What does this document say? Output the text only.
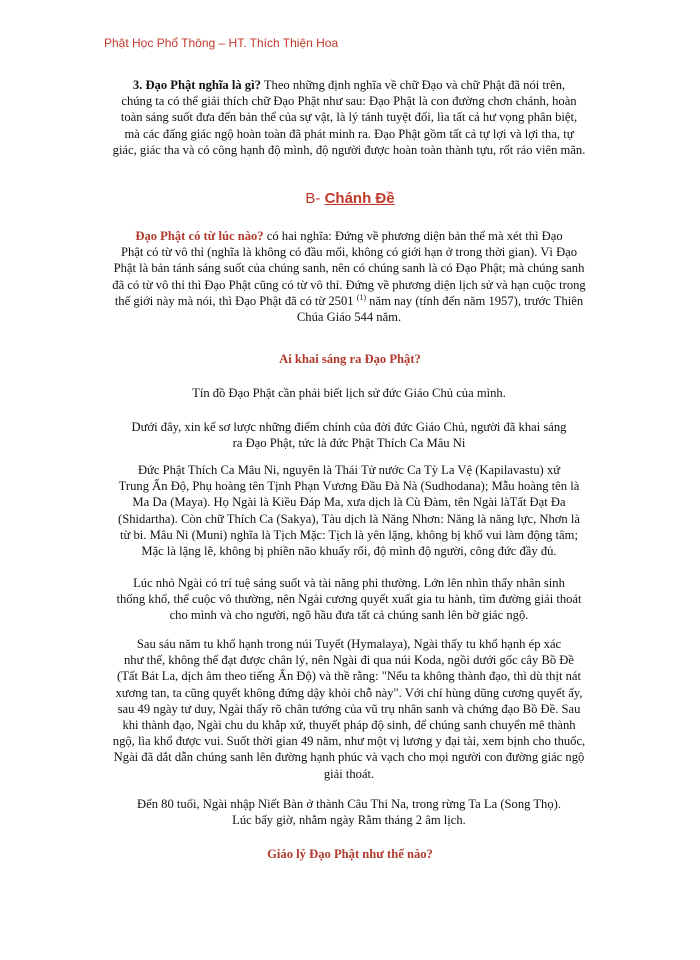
Phật Học Phổ Thông – HT. Thích Thiện Hoa
3. Đạo Phật nghĩa là gì? Theo những định nghĩa về chữ Đạo và chữ Phật đã nói trên,
chúng ta có thể giải thích chữ Đạo Phật như sau: Đạo Phật là con đường chơn chánh, hoàn
toàn sáng suốt đưa đến bản thể của sự vật, là lý tánh tuyệt đối, lìa tất cả hư vọng phân biệt,
mà các đấng giác ngộ hoàn toàn đã phát minh ra. Đạo Phật gồm tất cả tự lợi và lợi tha, tự
giác, giác tha và có công hạnh độ mình, độ người được hoàn toàn thành tựu, rốt ráo viên mãn.
B- Chánh Đề
Đạo Phật có từ lúc nào? có hai nghĩa: Đứng về phương diện bản thể mà xét thì Đạo
Phật có từ vô thỉ (nghĩa là không có đầu mối, không có giới hạn ở trong thời gian). Vì Đạo
Phật là bản tánh sáng suốt của chúng sanh, nên có chúng sanh là có Đạo Phật; mà chúng sanh
đã có từ vô thỉ thì Đạo Phật cũng có từ vô thỉ. Đứng về phương diện lịch sử và hạn cuộc trong
thế giới này mà nói, thì Đạo Phật đã có từ 2501 $^{(1)}$ năm nay (tính đến năm 1957), trước Thiên
Chúa Giáo 544 năm.
Ai khai sáng ra Đạo Phật?
Tín đồ Đạo Phật cần phải biết lịch sử đức Giáo Chủ của mình.
Dưới đây, xin kể sơ lược những điểm chính của đời đức Giáo Chủ, người đã khai sáng
ra Đạo Phật, tức là đức Phật Thích Ca Mâu Ni
Đức Phật Thích Ca Mâu Ni, nguyên là Thái Tử nước Ca Tỳ La Vệ (Kapilavastu) xứ
Trung Ấn Độ, Phụ hoàng tên Tịnh Phạn Vương Đầu Đà Nà (Sudhodana); Mẫu hoàng tên là
Ma Da (Maya). Họ Ngài là Kiều Đáp Ma, xưa dịch là Cù Đàm, tên Ngài làTất Đạt Đa
(Shidartha). Còn chữ Thích Ca (Sakya), Tàu dịch là Năng Nhơn: Năng là năng lực, Nhơn là
từ bi. Mâu Ni (Muni) nghĩa là Tịch Mặc: Tịch là yên lặng, không bị khổ vui làm động tâm;
Mặc là lặng lẽ, không bị phiền não khuấy rối, độ mình độ người, công đức đầy đủ.
Lúc nhỏ Ngài có trí tuệ sáng suốt và tài năng phi thường. Lớn lên nhìn thấy nhân sinh
thống khổ, thế cuộc vô thường, nên Ngài cương quyết xuất gia tu hành, tìm đường giải thoát
cho mình và cho người, ngõ hầu đưa tất cả chúng sanh lên bờ giác ngộ.
Sau sáu năm tu khổ hạnh trong núi Tuyết (Hymalaya), Ngài thấy tu khổ hạnh ép xác
như thế, không thể đạt được chân lý, nên Ngài đi qua núi Koda, ngồi dưới gốc cây Bồ Đề
(Tất Bát La, dịch âm theo tiếng Ấn Độ) và thề rằng: "Nếu ta không thành đạo, thì dù thịt nát
xương tan, ta cũng quyết không đứng dậy khỏi chỗ này". Với chí hùng dũng cương quyết ấy,
sau 49 ngày tư duy, Ngài thấy rõ chân tướng của vũ trụ nhân sanh và chứng đạo Bồ Đề. Sau
khi thành đạo, Ngài chu du khắp xứ, thuyết pháp độ sinh, để chúng sanh chuyển mê thành
ngộ, lìa khổ được vui. Suốt thời gian 49 năm, như một vị lương y đại tài, xem bịnh cho thuốc,
Ngài đã dắt dẫn chúng sanh lên đường hạnh phúc và vạch cho mọi người con đường giác ngộ
giải thoát.
Đến 80 tuổi, Ngài nhập Niết Bàn ở thành Câu Thi Na, trong rừng Ta La (Song Thọ).
Lúc bấy giờ, nhằm ngày Rằm tháng 2 âm lịch.
Giáo lý Đạo Phật như thế nào?
